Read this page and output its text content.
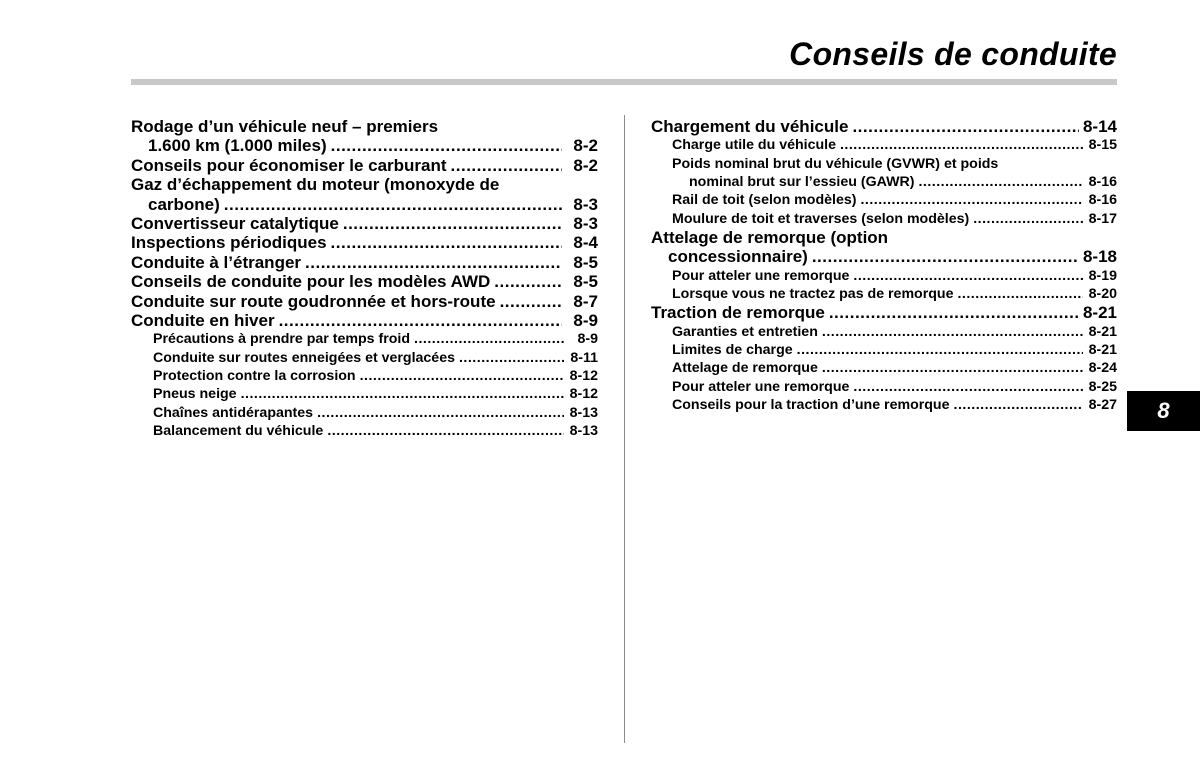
Conseils de conduite
8
Rodage d’un véhicule neuf – premiers
1.600 km (1.000 miles) .....	8-2
Conseils pour économiser le carburant .....	8-2
Gaz d’échappement du moteur (monoxyde de
carbone) .....	8-3
Convertisseur catalytique .....	8-3
Inspections périodiques .....	8-4
Conduite à l’étranger .....	8-5
Conseils de conduite pour les modèles AWD .....	8-5
Conduite sur route goudronnée et hors-route .....	8-7
Conduite en hiver .....	8-9
Précautions à prendre par temps froid .....	8-9
Conduite sur routes enneigées et verglacées .....	8-11
Protection contre la corrosion .....	8-12
Pneus neige .....	8-12
Chaînes antidérapantes .....	8-13
Balancement du véhicule .....	8-13
Chargement du véhicule .....	8-14
Charge utile du véhicule .....	8-15
Poids nominal brut du véhicule (GVWR) et poids
nominal brut sur l’essieu (GAWR) .....	8-16
Rail de toit (selon modèles) .....	8-16
Moulure de toit et traverses (selon modèles) .....	8-17
Attelage de remorque (option
concessionnaire) .....	8-18
Pour atteler une remorque .....	8-19
Lorsque vous ne tractez pas de remorque .....	8-20
Traction de remorque .....	8-21
Garanties et entretien .....	8-21
Limites de charge .....	8-21
Attelage de remorque .....	8-24
Pour atteler une remorque .....	8-25
Conseils pour la traction d’une remorque .....	8-27
